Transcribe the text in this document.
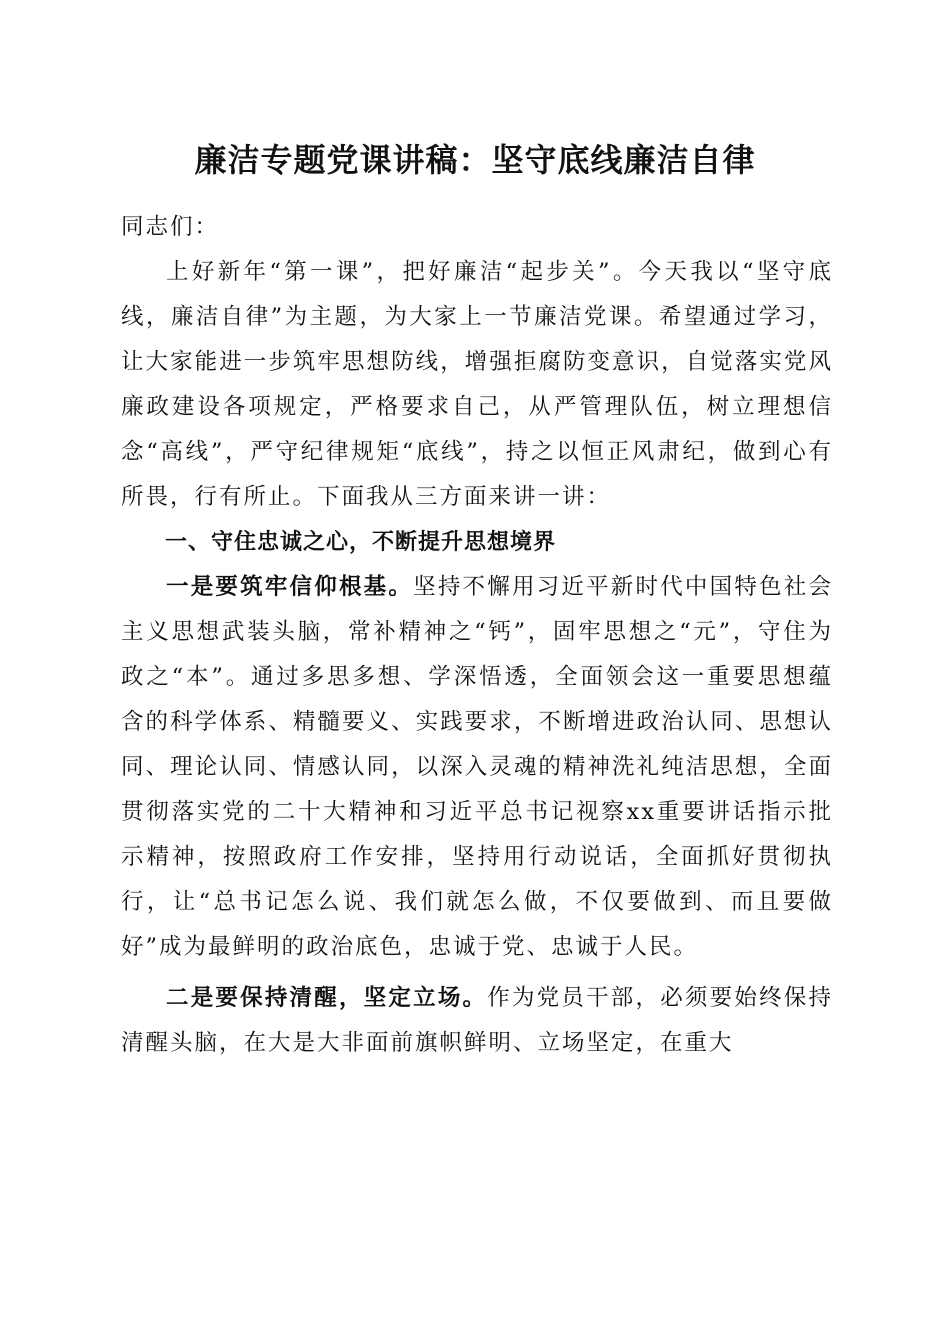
廉洁专题党课讲稿：坚守底线廉洁自律

同志们：

上好新年“第一课”，把好廉洁“起步关”。今天我以“坚守底线，廉洁自律”为主题，为大家上一节廉洁党课。希望通过学习，让大家能进一步筑牢思想防线，增强拒腐防变意识，自觉落实党风廉政建设各项规定，严格要求自己，从严管理队伍，树立理想信念“高线”，严守纪律规矩“底线”，持之以恒正风肃纪，做到心有所畏，行有所止。下面我从三方面来讲一讲：

一、守住忠诚之心，不断提升思想境界

一是要筑牢信仰根基。坚持不懈用习近平新时代中国特色社会主义思想武装头脑，常补精神之“钙”，固牢思想之“元”，守住为政之“本”。通过多思多想、学深悟透，全面领会这一重要思想蕴含的科学体系、精髓要义、实践要求，不断增进政治认同、思想认同、理论认同、情感认同，以深入灵魂的精神洗礼纯洁思想，全面贯彻落实党的二十大精神和习近平总书记视察xx重要讲话指示批示精神，按照政府工作安排，坚持用行动说话，全面抓好贯彻执行，让“总书记怎么说、我们就怎么做，不仅要做到、而且要做好”成为最鲜明的政治底色，忠诚于党、忠诚于人民。

二是要保持清醒，坚定立场。作为党员干部，必须要始终保持清醒头脑，在大是大非面前旗帜鲜明、立场坚定，在重大
